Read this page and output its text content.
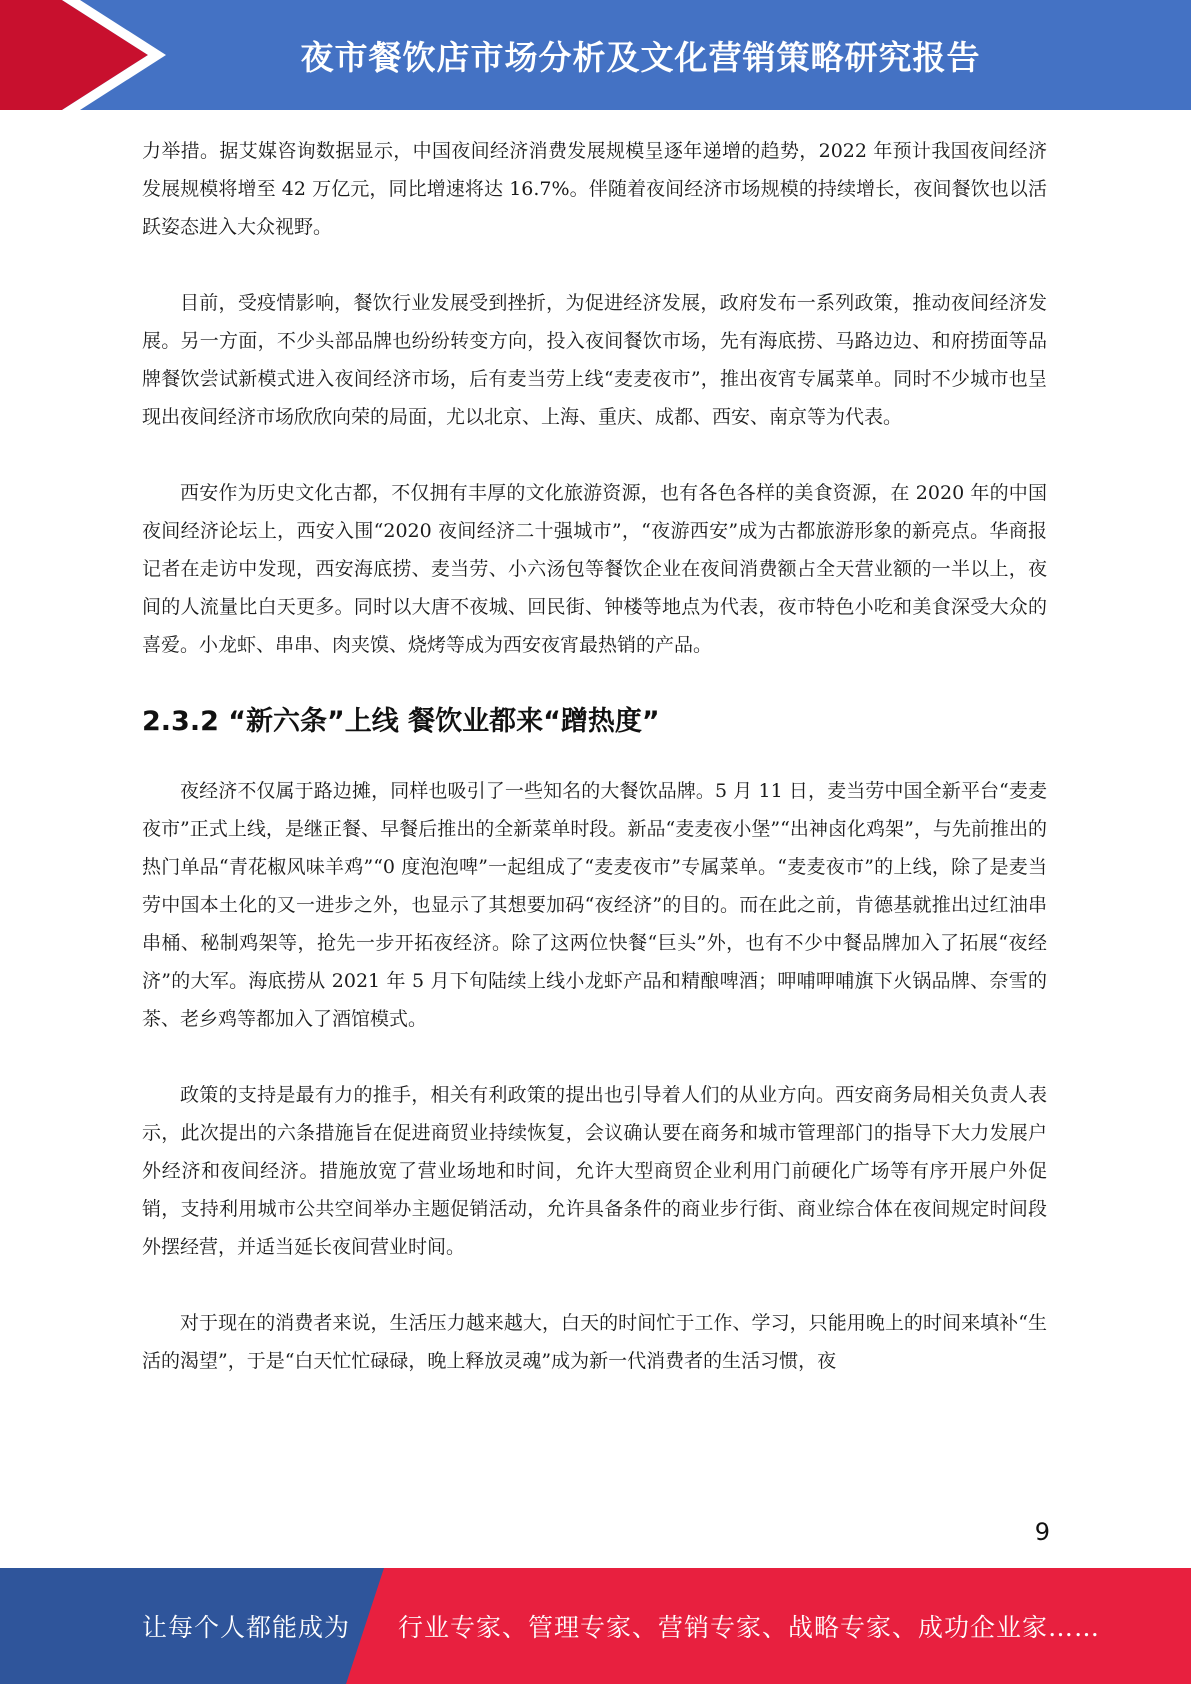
夜市餐饮店市场分析及文化营销策略研究报告

力举措。据艾媒咨询数据显示，中国夜间经济消费发展规模呈逐年递增的趋势，2022 年预计我国夜间经济发展规模将增至 42 万亿元，同比增速将达 16.7%。伴随着夜间经济市场规模的持续增长，夜间餐饮也以活跃姿态进入大众视野。

目前，受疫情影响，餐饮行业发展受到挫折，为促进经济发展，政府发布一系列政策，推动夜间经济发展。另一方面，不少头部品牌也纷纷转变方向，投入夜间餐饮市场，先有海底捞、马路边边、和府捞面等品牌餐饮尝试新模式进入夜间经济市场，后有麦当劳上线“麦麦夜市”，推出夜宵专属菜单。同时不少城市也呈现出夜间经济市场欣欣向荣的局面，尤以北京、上海、重庆、成都、西安、南京等为代表。

西安作为历史文化古都，不仅拥有丰厚的文化旅游资源，也有各色各样的美食资源，在 2020 年的中国夜间经济论坛上，西安入围“2020 夜间经济二十强城市”，“夜游西安”成为古都旅游形象的新亮点。华商报记者在走访中发现，西安海底捞、麦当劳、小六汤包等餐饮企业在夜间消费额占全天营业额的一半以上，夜间的人流量比白天更多。同时以大唐不夜城、回民街、钟楼等地点为代表，夜市特色小吃和美食深受大众的喜爱。小龙虾、串串、肉夹馍、烧烤等成为西安夜宵最热销的产品。

2.3.2 “新六条”上线 餐饮业都来“蹭热度”

夜经济不仅属于路边摊，同样也吸引了一些知名的大餐饮品牌。5 月 11 日，麦当劳中国全新平台“麦麦夜市”正式上线，是继正餐、早餐后推出的全新菜单时段。新品“麦麦夜小堡”“出神卤化鸡架”，与先前推出的热门单品“青花椒风味羊鸡”“0 度泡泡啤”一起组成了“麦麦夜市”专属菜单。“麦麦夜市”的上线，除了是麦当劳中国本土化的又一进步之外，也显示了其想要加码“夜经济”的目的。而在此之前，肯德基就推出过红油串串桶、秘制鸡架等，抢先一步开拓夜经济。除了这两位快餐“巨头”外，也有不少中餐品牌加入了拓展“夜经济”的大军。海底捞从 2021 年 5 月下旬陆续上线小龙虾产品和精酿啤酒；呷哺呷哺旗下火锅品牌、奈雪的茶、老乡鸡等都加入了酒馆模式。

政策的支持是最有力的推手，相关有利政策的提出也引导着人们的从业方向。西安商务局相关负责人表示，此次提出的六条措施旨在促进商贸业持续恢复，会议确认要在商务和城市管理部门的指导下大力发展户外经济和夜间经济。措施放宽了营业场地和时间，允许大型商贸企业利用门前硬化广场等有序开展户外促销，支持利用城市公共空间举办主题促销活动，允许具备条件的商业步行街、商业综合体在夜间规定时间段外摆经营，并适当延长夜间营业时间。

对于现在的消费者来说，生活压力越来越大，白天的时间忙于工作、学习，只能用晚上的时间来填补“生活的渴望”，于是“白天忙忙碌碌，晚上释放灵魂”成为新一代消费者的生活习惯，夜

9
让每个人都能成为 行业专家、管理专家、营销专家、战略专家、成功企业家……
